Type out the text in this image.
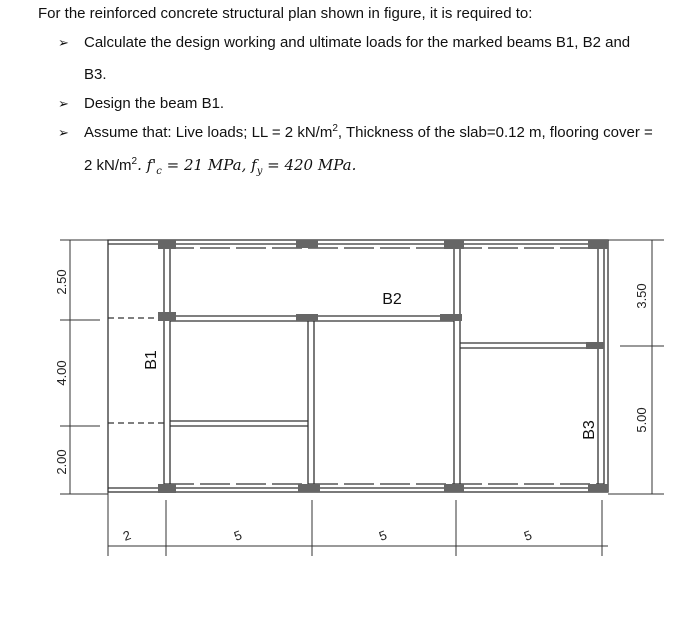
For the reinforced concrete structural plan shown in figure, it is required to:
➢ Calculate the design working and ultimate loads for the marked beams B1, B2 and
B3.
➢ Design the beam B1.
➢ Assume that: Live loads; LL = 2 $kN/m^2$, Thickness of the slab=0.12 m, flooring cover =
2 $kN/m^2$. $f'_c = 21$ MPa, $f_y = 420$ MPa.
2.50
4.00
2.00
3.50
5.00
2	5	5	5
B1
B2
B3
